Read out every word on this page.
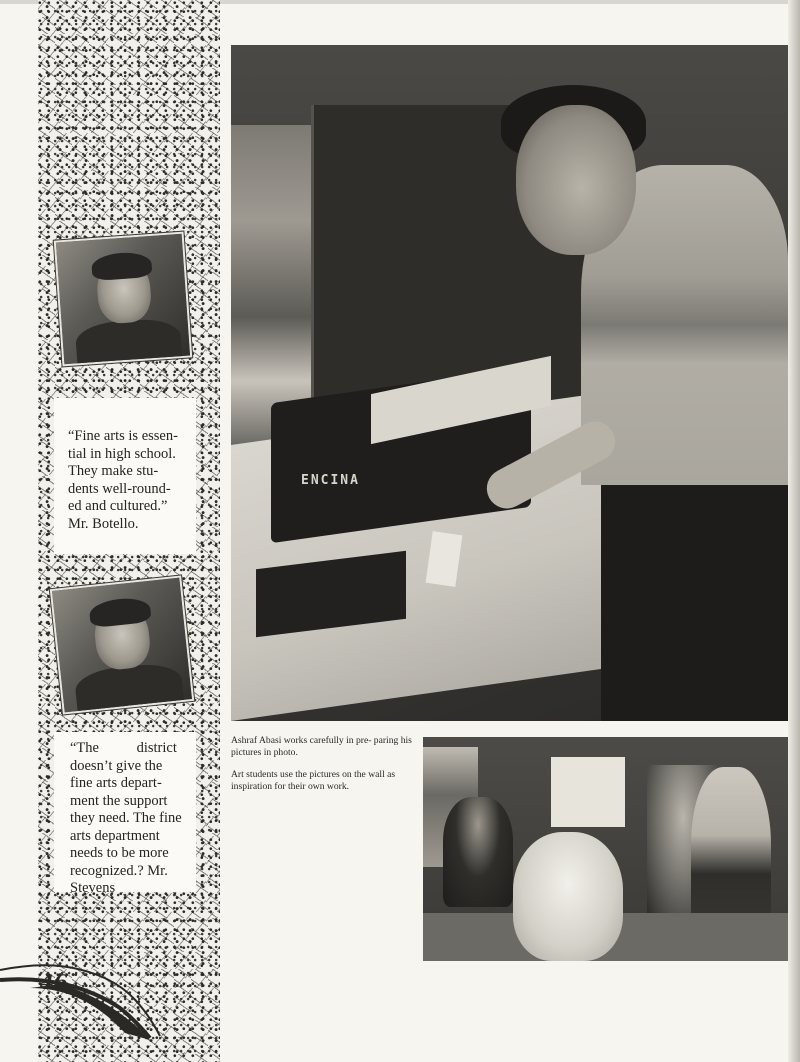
“Fine arts is essen-
tial in high school.
They make stu-
dents well-round-
ed and cultured.”
Mr. Botello.
“The district
doesn’t give the
fine arts depart-
ment the support
they need. The fine
arts department
needs to be more
recognized.? Mr.
Stevens
ENCINA

Ashraf Abasi works carefully in pre- paring his pictures in photo.

Art students use the pictures on the wall as inspiration for their own work.

46
